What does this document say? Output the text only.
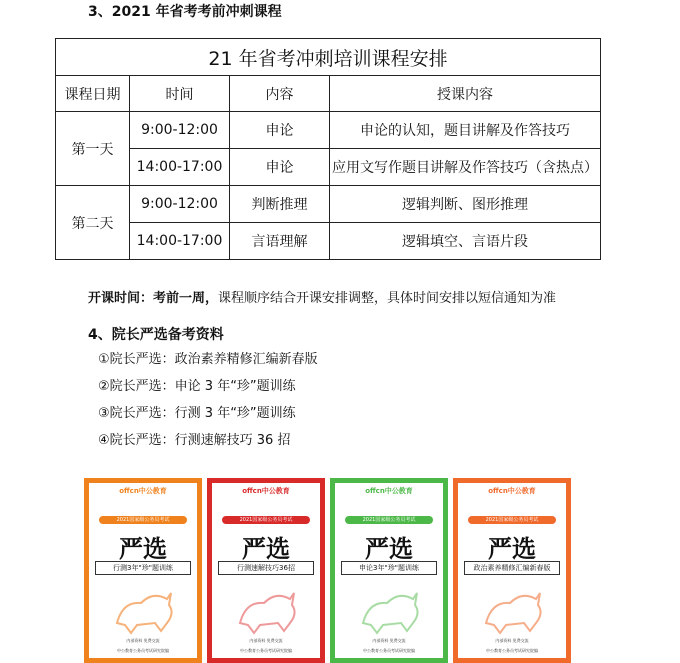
3、2021 年省考考前冲刺课程
21 年省考冲刺培训课程安排			
课程日期	时间	内容	授课内容
第一天	9:00-12:00	申论	申论的认知，题目讲解及作答技巧
	14:00-17:00	申论	应用文写作题目讲解及作答技巧（含热点）
第二天	9:00-12:00	判断推理	逻辑判断、图形推理
	14:00-17:00	言语理解	逻辑填空、言语片段
开课时间：考前一周，课程顺序结合开课安排调整，具体时间安排以短信通知为准
4、院长严选备考资料
①院长严选：政治素养精修汇编新春版
②院长严选：申论 3 年“珍”题训练
③院长严选：行测 3 年“珍”题训练
④院长严选：行测速解技巧 36 招
offcn中公教育
2021国家级公务员考试
严选
行测3年"珍"题训练
内部资料 免费交流
中公教育公务员考试研究院编
offcn中公教育
2021国家级公务员考试
严选
行测速解技巧36招
内部资料 免费交流
中公教育公务员考试研究院编
offcn中公教育
2021国家级公务员考试
严选
申论3年"珍"题训练
内部资料 免费交流
中公教育公务员考试研究院编
offcn中公教育
2021国家级公务员考试
严选
政治素养精修汇编新春版
内部资料 免费交流
中公教育公务员考试研究院编
